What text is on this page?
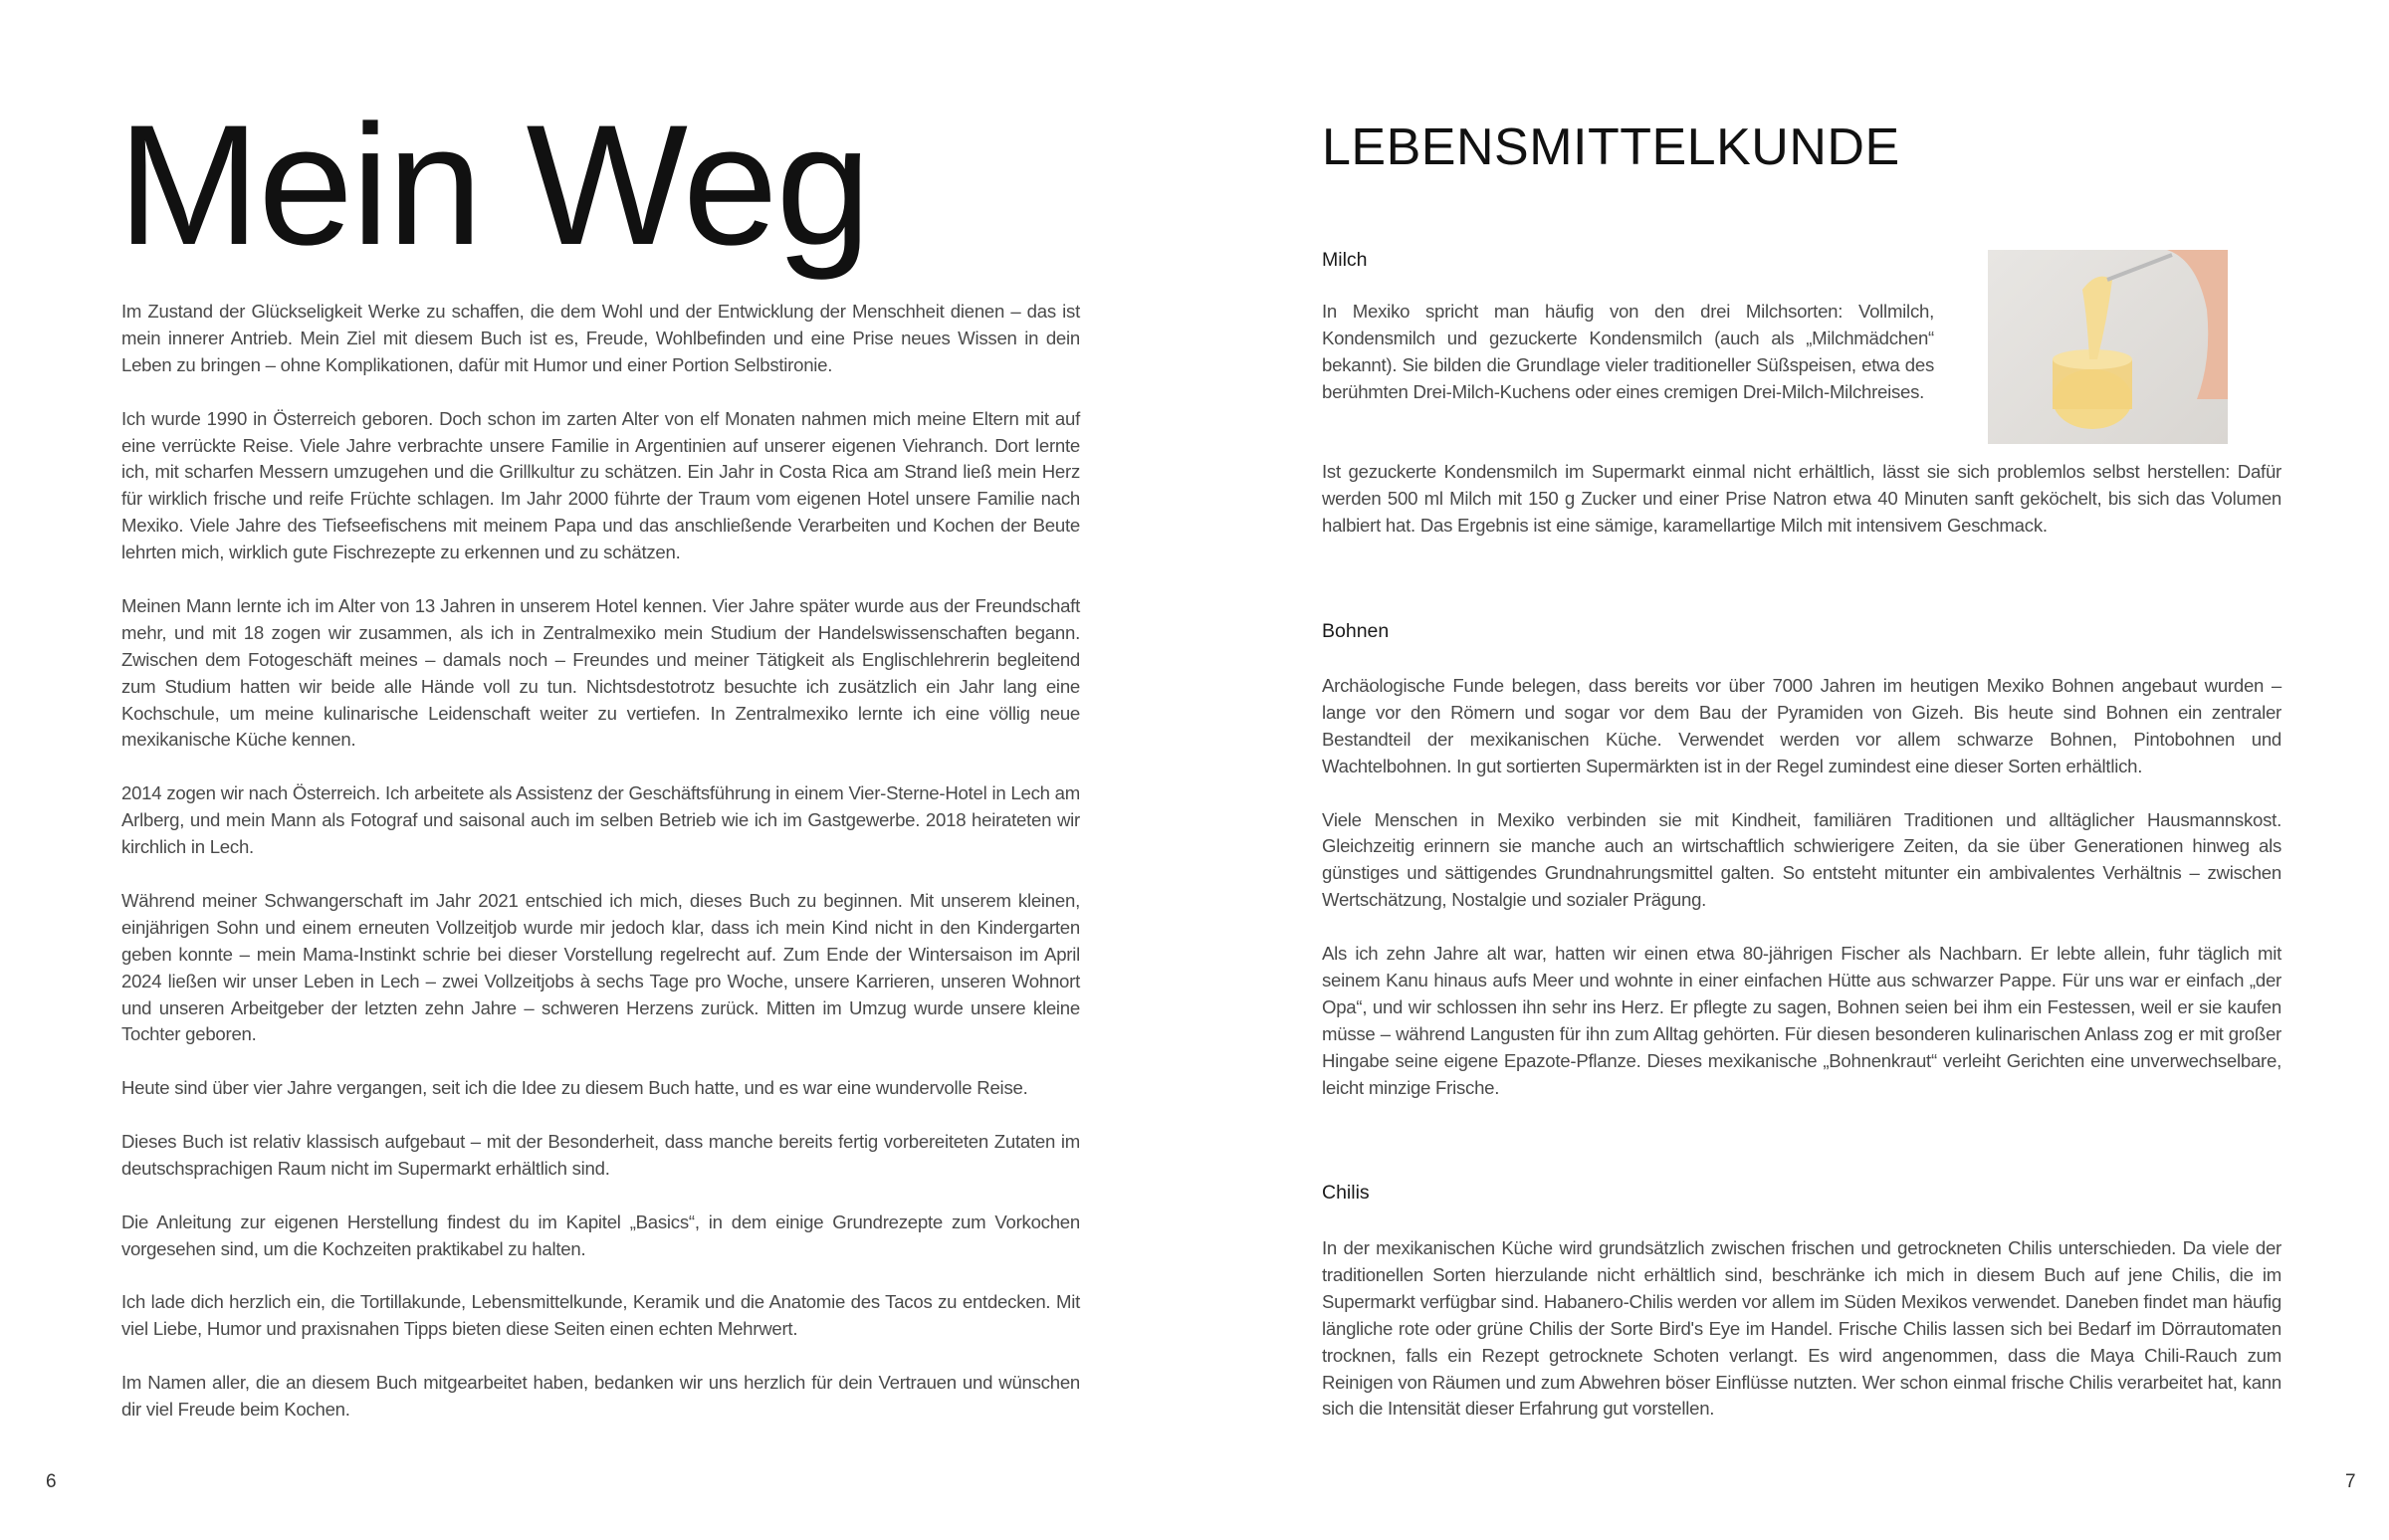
Mein Weg

Im Zustand der Glückseligkeit Werke zu schaffen, die dem Wohl und der Entwicklung der Menschheit dienen – das ist mein innerer Antrieb. Mein Ziel mit diesem Buch ist es, Freude, Wohlbefinden und eine Prise neues Wissen in dein Leben zu bringen – ohne Komplikationen, dafür mit Humor und einer Portion Selbstironie.

Ich wurde 1990 in Österreich geboren. Doch schon im zarten Alter von elf Monaten nahmen mich meine Eltern mit auf eine verrückte Reise. Viele Jahre verbrachte unsere Familie in Argentinien auf unserer eigenen Viehranch. Dort lernte ich, mit scharfen Messern umzugehen und die Grillkultur zu schätzen. Ein Jahr in Costa Rica am Strand ließ mein Herz für wirklich frische und reife Früchte schlagen. Im Jahr 2000 führte der Traum vom eigenen Hotel unsere Familie nach Mexiko. Viele Jahre des Tiefseefischens mit meinem Papa und das anschließende Verarbeiten und Kochen der Beute lehrten mich, wirklich gute Fischrezepte zu erkennen und zu schätzen.

Meinen Mann lernte ich im Alter von 13 Jahren in unserem Hotel kennen. Vier Jahre später wurde aus der Freundschaft mehr, und mit 18 zogen wir zusammen, als ich in Zentralmexiko mein Studium der Handelswissenschaften begann. Zwischen dem Fotogeschäft meines – damals noch – Freundes und meiner Tätigkeit als Englischlehrerin begleitend zum Studium hatten wir beide alle Hände voll zu tun. Nichtsdestotrotz besuchte ich zusätzlich ein Jahr lang eine Kochschule, um meine kulinarische Leidenschaft weiter zu vertiefen. In Zentralmexiko lernte ich eine völlig neue mexikanische Küche kennen.

2014 zogen wir nach Österreich. Ich arbeitete als Assistenz der Geschäftsführung in einem Vier-Sterne-Hotel in Lech am Arlberg, und mein Mann als Fotograf und saisonal auch im selben Betrieb wie ich im Gastgewerbe. 2018 heirateten wir kirchlich in Lech.

Während meiner Schwangerschaft im Jahr 2021 entschied ich mich, dieses Buch zu beginnen. Mit unserem kleinen, einjährigen Sohn und einem erneuten Vollzeitjob wurde mir jedoch klar, dass ich mein Kind nicht in den Kindergarten geben konnte – mein Mama-Instinkt schrie bei dieser Vorstellung regelrecht auf. Zum Ende der Wintersaison im April 2024 ließen wir unser Leben in Lech – zwei Vollzeitjobs à sechs Tage pro Woche, unsere Karrieren, unseren Wohnort und unseren Arbeitgeber der letzten zehn Jahre – schweren Herzens zurück. Mitten im Umzug wurde unsere kleine Tochter geboren.

Heute sind über vier Jahre vergangen, seit ich die Idee zu diesem Buch hatte, und es war eine wundervolle Reise.

Dieses Buch ist relativ klassisch aufgebaut – mit der Besonderheit, dass manche bereits fertig vorbereiteten Zutaten im deutschsprachigen Raum nicht im Supermarkt erhältlich sind.

Die Anleitung zur eigenen Herstellung findest du im Kapitel „Basics“, in dem einige Grundrezepte zum Vorkochen vorgesehen sind, um die Kochzeiten praktikabel zu halten.

Ich lade dich herzlich ein, die Tortillakunde, Lebensmittelkunde, Keramik und die Anatomie des Tacos zu entdecken. Mit viel Liebe, Humor und praxisnahen Tipps bieten diese Seiten einen echten Mehrwert.

Im Namen aller, die an diesem Buch mitgearbeitet haben, bedanken wir uns herzlich für dein Vertrauen und wünschen dir viel Freude beim Kochen.

6
LEBENSMITTELKUNDE
Milch

In Mexiko spricht man häufig von den drei Milchsorten: Vollmilch, Kondensmilch und gezuckerte Kondensmilch (auch als „Milchmädchen“ bekannt). Sie bilden die Grundlage vieler traditioneller Süßspeisen, etwa des berühmten Drei-Milch-Kuchens oder eines cremigen Drei-Milch-Milchreises.

Ist gezuckerte Kondensmilch im Supermarkt einmal nicht erhältlich, lässt sie sich problemlos selbst herstellen: Dafür werden 500 ml Milch mit 150 g Zucker und einer Prise Natron etwa 40 Minuten sanft geköchelt, bis sich das Volumen halbiert hat. Das Ergebnis ist eine sämige, karamellartige Milch mit intensivem Geschmack.

Bohnen

Archäologische Funde belegen, dass bereits vor über 7000 Jahren im heutigen Mexiko Bohnen angebaut wurden – lange vor den Römern und sogar vor dem Bau der Pyramiden von Gizeh. Bis heute sind Bohnen ein zentraler Bestandteil der mexikanischen Küche. Verwendet werden vor allem schwarze Bohnen, Pintobohnen und Wachtelbohnen. In gut sortierten Supermärkten ist in der Regel zumindest eine dieser Sorten erhältlich.

Viele Menschen in Mexiko verbinden sie mit Kindheit, familiären Traditionen und alltäglicher Hausmannskost. Gleichzeitig erinnern sie manche auch an wirtschaftlich schwierigere Zeiten, da sie über Generationen hinweg als günstiges und sättigendes Grundnahrungsmittel galten. So entsteht mitunter ein ambivalentes Verhältnis – zwischen Wertschätzung, Nostalgie und sozialer Prägung.

Als ich zehn Jahre alt war, hatten wir einen etwa 80-jährigen Fischer als Nachbarn. Er lebte allein, fuhr täglich mit seinem Kanu hinaus aufs Meer und wohnte in einer einfachen Hütte aus schwarzer Pappe. Für uns war er einfach „der Opa“, und wir schlossen ihn sehr ins Herz. Er pflegte zu sagen, Bohnen seien bei ihm ein Festessen, weil er sie kaufen müsse – während Langusten für ihn zum Alltag gehörten. Für diesen besonderen kulinarischen Anlass zog er mit großer Hingabe seine eigene Epazote-Pflanze. Dieses mexikanische „Bohnenkraut“ verleiht Gerichten eine unverwechselbare, leicht minzige Frische.

Chilis

In der mexikanischen Küche wird grundsätzlich zwischen frischen und getrockneten Chilis unterschieden. Da viele der traditionellen Sorten hierzulande nicht erhältlich sind, beschränke ich mich in diesem Buch auf jene Chilis, die im Supermarkt verfügbar sind. Habanero-Chilis werden vor allem im Süden Mexikos verwendet. Daneben findet man häufig längliche rote oder grüne Chilis der Sorte Bird's Eye im Handel. Frische Chilis lassen sich bei Bedarf im Dörrautomaten trocknen, falls ein Rezept getrocknete Schoten verlangt. Es wird angenommen, dass die Maya Chili-Rauch zum Reinigen von Räumen und zum Abwehren böser Einflüsse nutzten. Wer schon einmal frische Chilis verarbeitet hat, kann sich die Intensität dieser Erfahrung gut vorstellen.

7
